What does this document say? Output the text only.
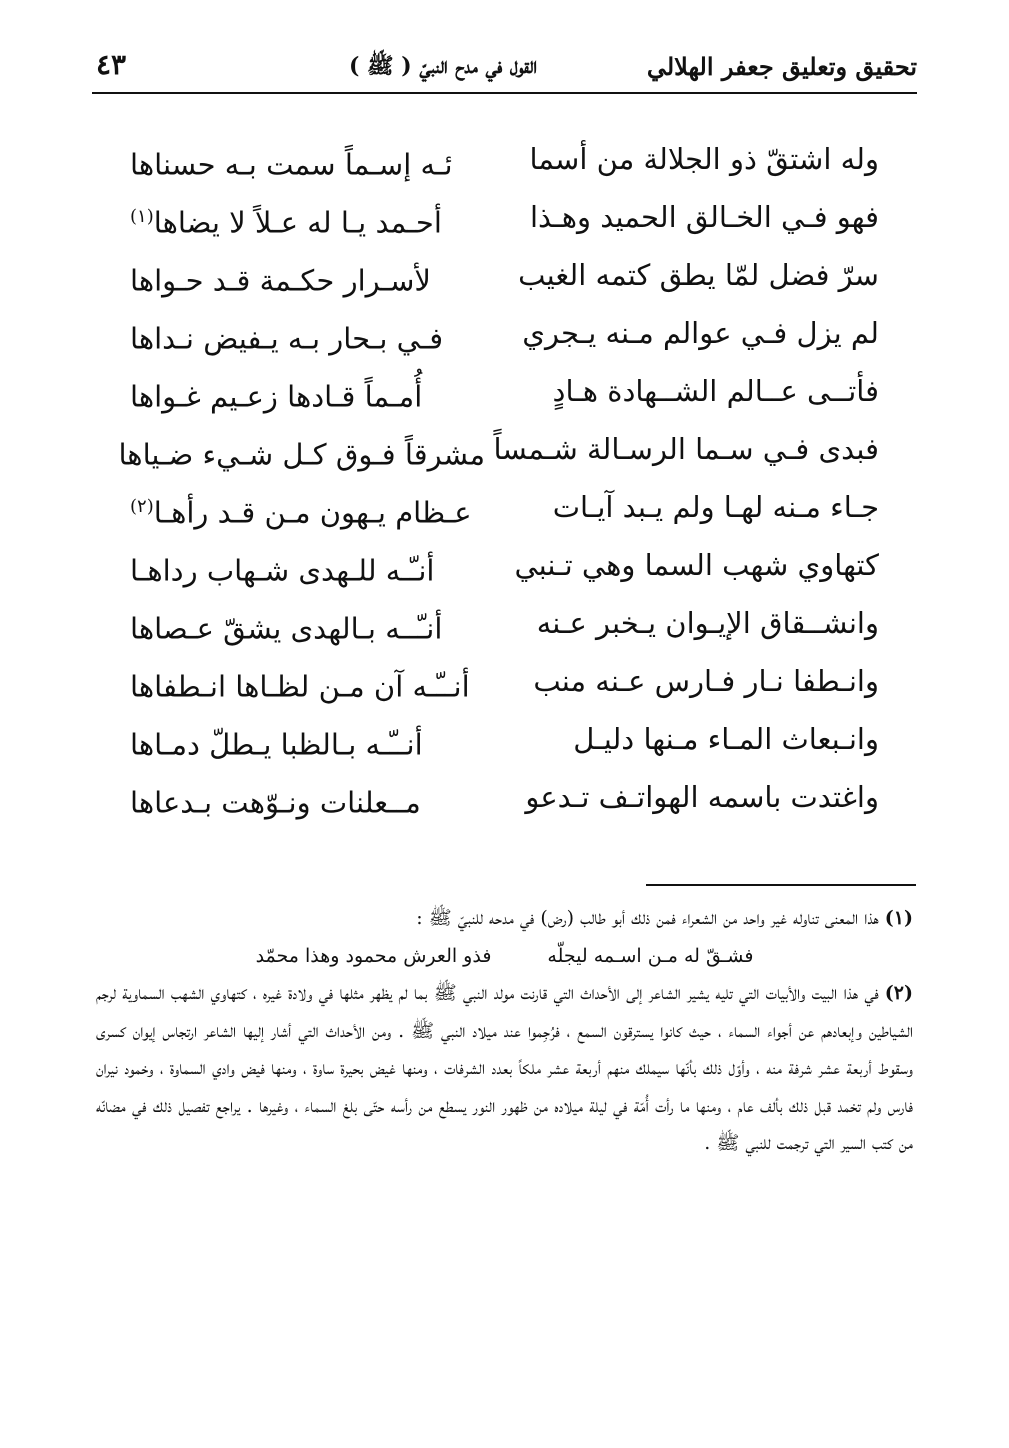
تحقيق وتعليق جعفر الهلالي
القول في مدح النبيّ ( ﷺ )
٤٣
وله اشتقّ ذو الجلالة من أسما
ئـه إسـماً سمت بـه حسناها
فهو فـي الخـالق الحميد وهـذا
أحـمد يـا له عـلاً لا يضاها$^{(١)}$
سرّ فضل لمّا يطق كتمه الغيب
لأسـرار حكـمة قـد حـواها
لم يزل فـي عوالم مـنه يـجري
فـي بـحار بـه يـفيض نـداها
فأتــى عــالم الشــهادة هـادٍ
أُمـماً قـادها زعـيم غـواها
فبدى فـي سـما الرسـالة شـمساً
مشرقاً فـوق كـل شـيء ضـياها
جـاء مـنه لهـا ولم يـبد آيـات
عـظام يـهون مـن قـد رأهـا$^{(٢)}$
كتهاوي شهب السما وهي تـنبي
أنـّـه للـهدى شـهاب رداهـا
وانشــقاق الإيـوان يـخبر عـنه
أنـّــه بـالهدى يشقّ عـصاها
وانـطفا نـار فـارس عـنه منب
أنــّـه آن مـن لظـاها انـطفاها
وانـبعاث المـاء مـنها دليـل
أنــّـه بـالظبا يـطلّ دمـاها
واغتدت باسمه الهواتـف تـدعو
مــعلنات ونـوّهت بـدعاها

(١)هذا المعنى تناوله غير واحد من الشعراء فمن ذلك أبو طالب (رض) في مدحه للنبيّ ﷺ :

فشـقّ له مـن اسـمه ليجلّهفذو العرش محمود وهذا محمّد

(٢)في هذا البيت والأبيات التي تليه يشير الشاعر إلى الأحداث التي قارنت مولد النبي ﷺ بما لم يظهر مثلها في ولادة غيره ، كتهاوي الشهب السماوية لرجم الشياطين وإبعادهم عن أجواء السماء ، حيث كانوا يسترقون السمع ، فرُجِموا عند ميلاد النبي ﷺ . ومن الأحداث التي أشار إليها الشاعر ارتجاس إيوان كسرى وسقوط أربعة عشر شرفة منه ، وأوّل ذلك بأنّها سيملك منهم أربعة عشر ملكاً بعدد الشرفات ، ومنها غيض بحيرة ساوة ، ومنها فيض وادي السماوة ، وخمود نيران فارس ولم تخمد قبل ذلك بألف عام ، ومنها ما رأت أُمّة في ليلة ميلاده من ظهور النور يسطع من رأسه حتّى بلغ السماء ، وغيرها . يراجع تفصيل ذلك في مضانّه من كتب السير التي ترجمت للنبي ﷺ .
